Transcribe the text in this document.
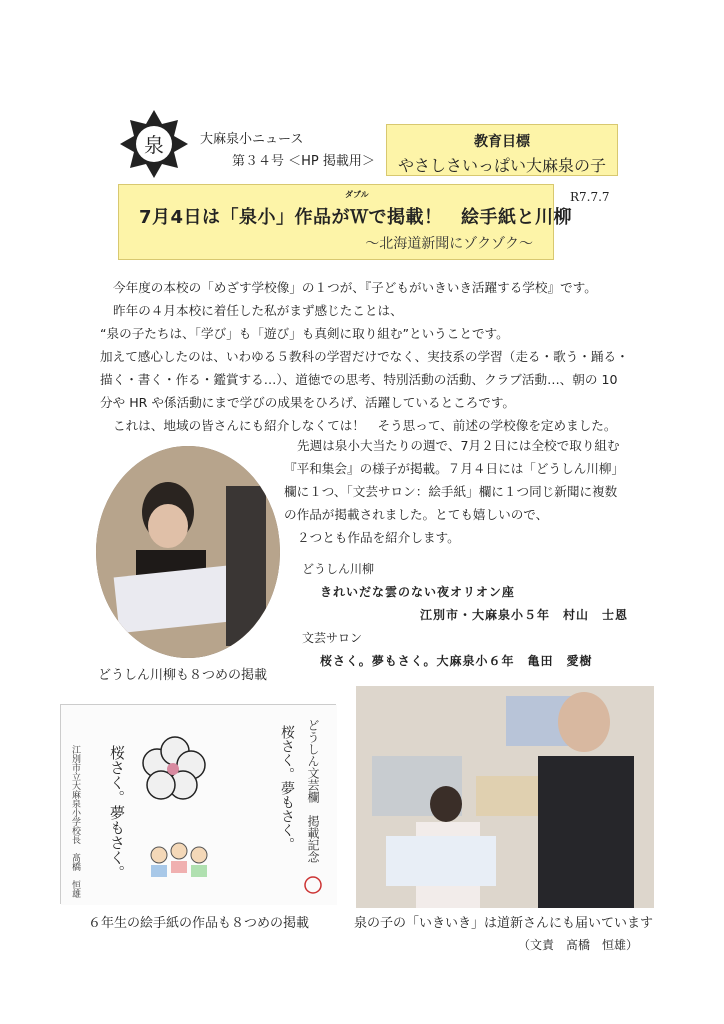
泉	大麻泉小ニュース
第３４号 ＜HP 掲載用＞
教育目標
やさしさいっぱい大麻泉の子
ダブル
7月4日は「泉小」作品がＷで掲載！　絵手紙と川柳
～北海道新聞にゾクゾク～
R7.7.7

今年度の本校の「めざす学校像」の１つが、『子どもがいきいき活躍する学校』です。

昨年の４月本校に着任した私がまず感じたことは、

“泉の子たちは、「学び」も「遊び」も真剣に取り組む”ということです。

加えて感心したのは、いわゆる５教科の学習だけでなく、実技系の学習（走る・歌う・踊る・

描く・書く・作る・鑑賞する…）、道徳での思考、特別活動の活動、クラブ活動…、朝の 10

分や HR や係活動にまで学びの成果をひろげ、活躍しているところです。

これは、地域の皆さんにも紹介しなくては！　そう思って、前述の学校像を定めました。

先週は泉小大当たりの週で、7月２日には全校で取り組む

『平和集会』の様子が掲載。７月４日には「どうしん川柳」

欄に１つ、「文芸サロン：絵手紙」欄に１つ同じ新聞に複数

の作品が掲載されました。とても嬉しいので、

２つとも作品を紹介します。

どうしん川柳も８つめの掲載
どうしん川柳
きれいだな雲のない夜オリオン座
江別市・大麻泉小５年　村山　士恩
文芸サロン
桜さく。夢もさく。大麻泉小６年　亀田　愛樹
どうしん文芸欄　掲載記念
桜さく。夢もさく。
桜さく。夢もさく。
江別市立大麻泉小学校長　髙橋　恒雄
６年生の絵手紙の作品も８つめの掲載	泉の子の「いきいき」は道新さんにも届いています
（文責　髙橋　恒雄）
